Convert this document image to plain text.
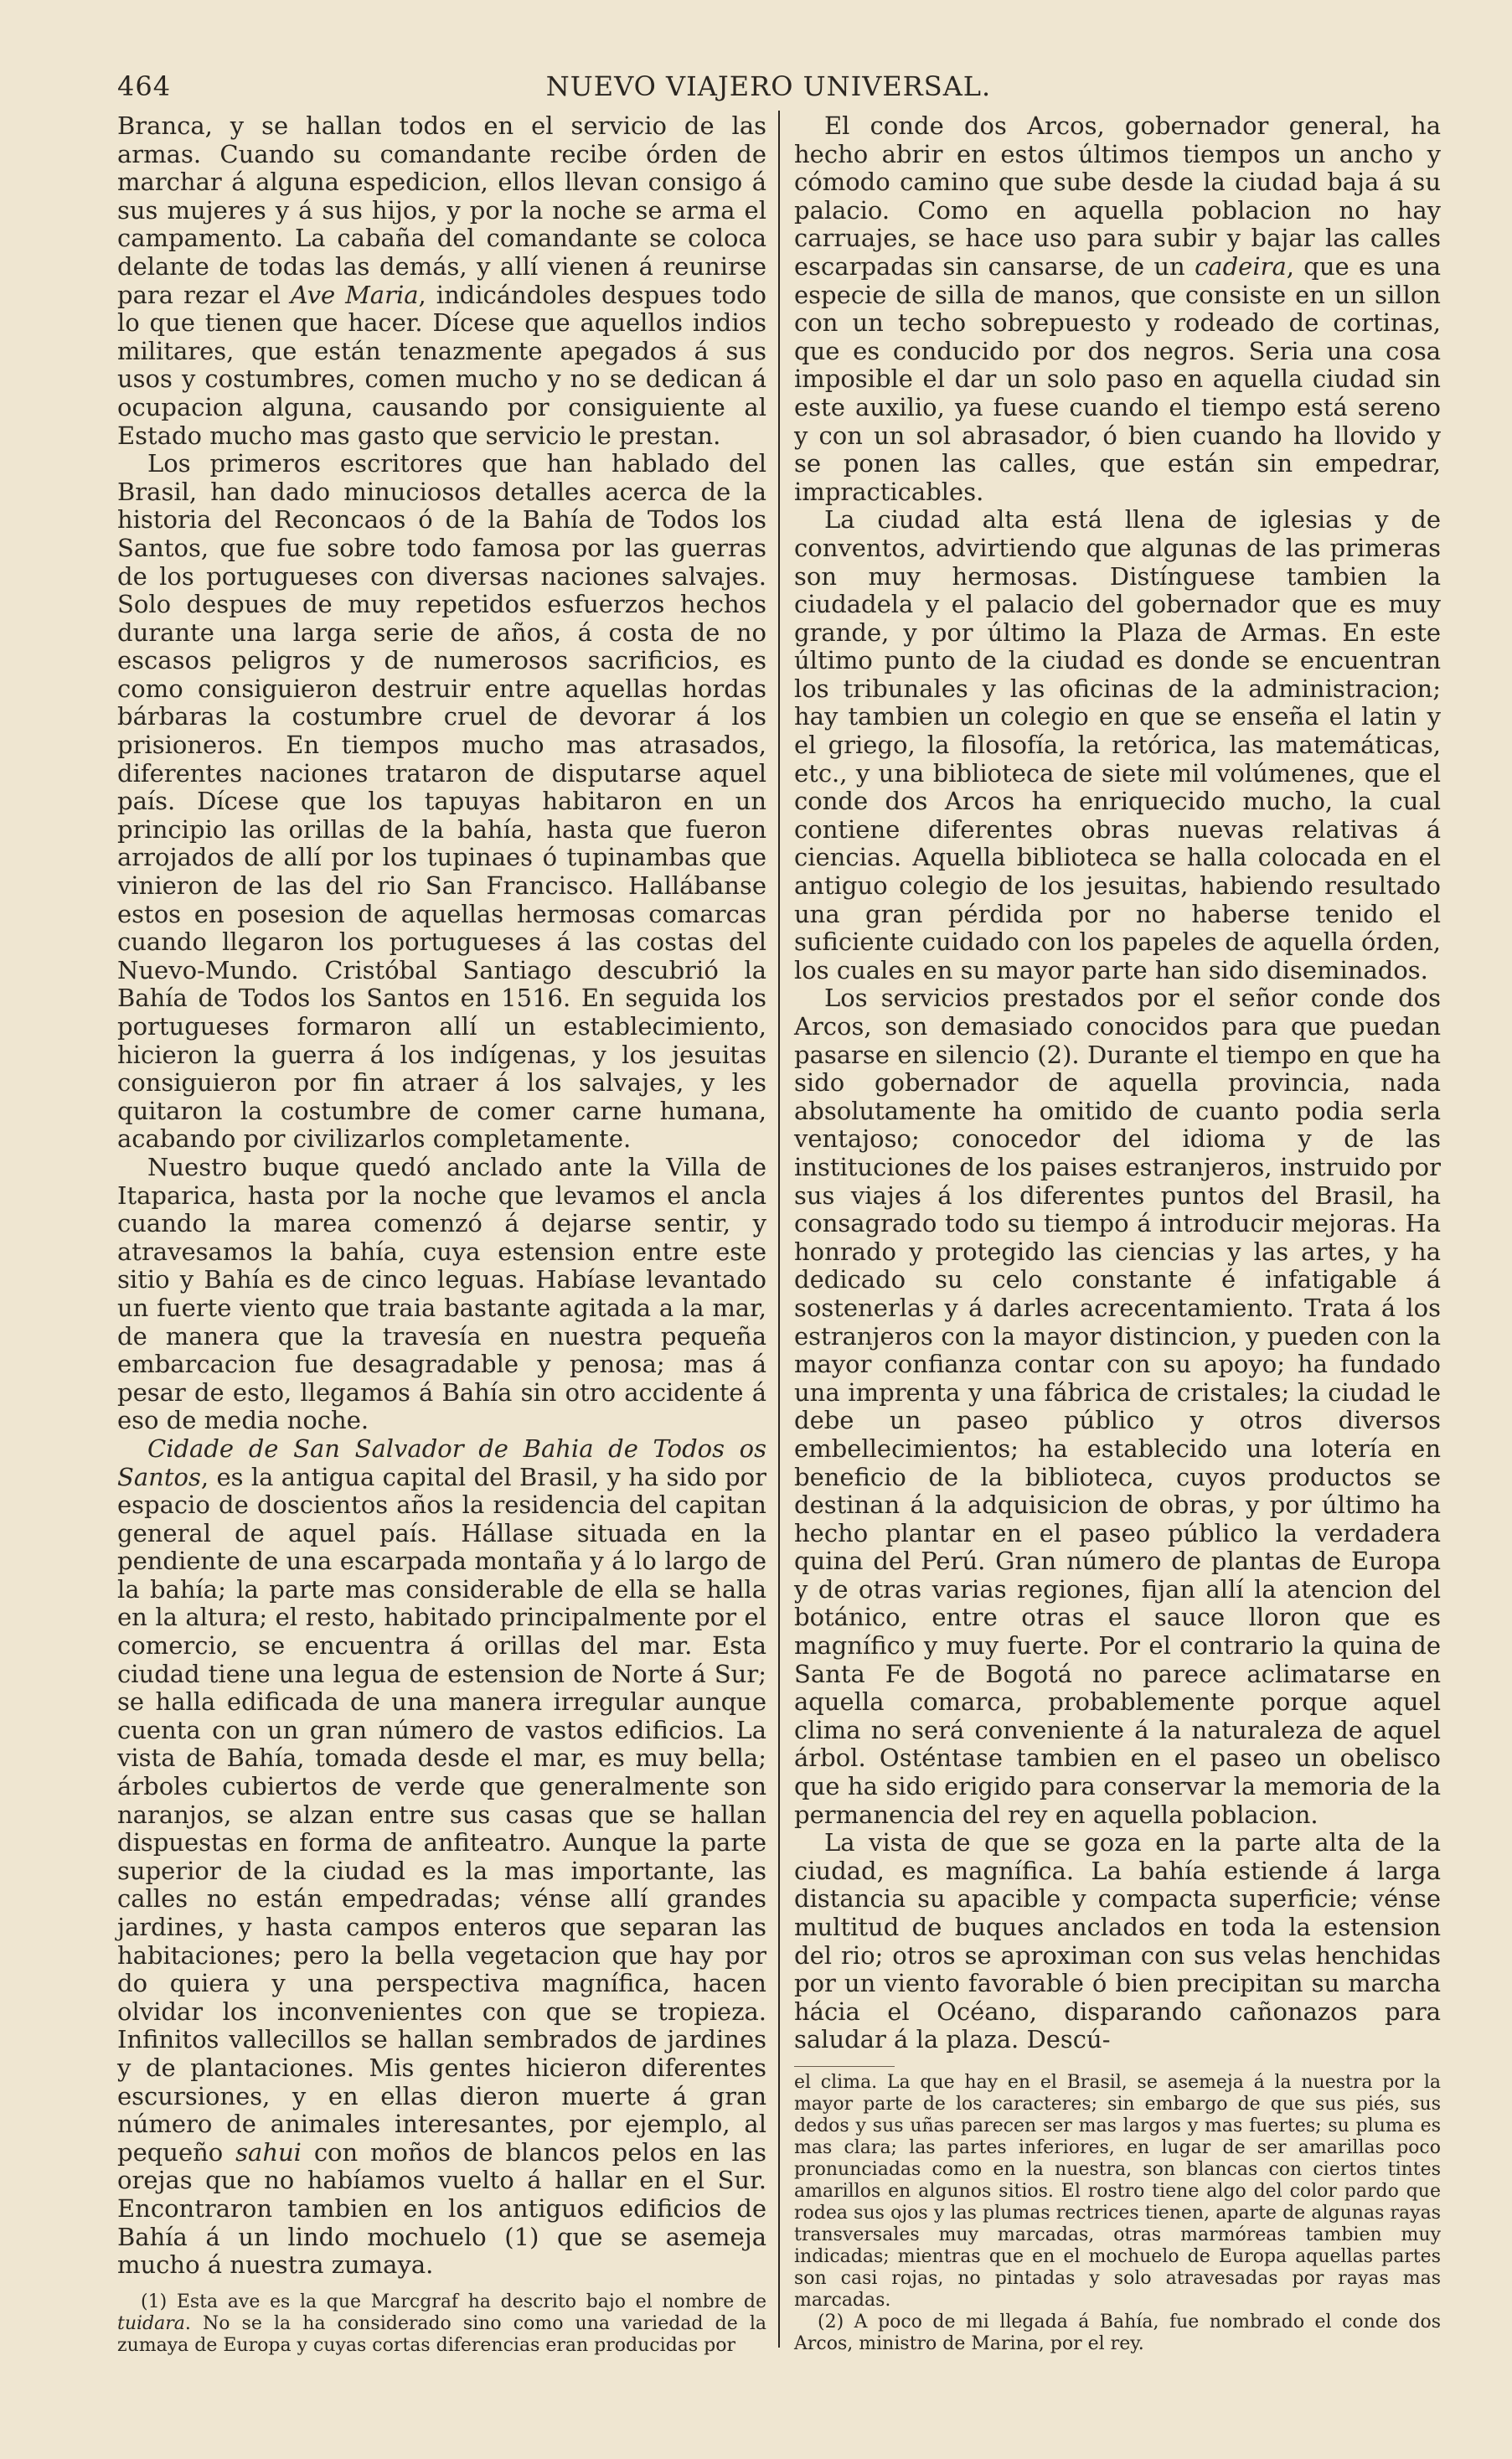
464	NUEVO VIAJERO UNIVERSAL.

Branca, y se hallan todos en el servicio de las armas. Cuando su comandante recibe órden de marchar á alguna espedicion, ellos llevan consigo á sus mujeres y á sus hijos, y por la noche se arma el campamento. La cabaña del comandante se coloca delante de todas las demás, y allí vienen á reunirse para rezar el Ave Maria, indicándoles despues todo lo que tienen que hacer. Dícese que aquellos indios militares, que están tenazmente apegados á sus usos y costumbres, comen mucho y no se dedican á ocupacion alguna, causando por consiguiente al Estado mucho mas gasto que servicio le prestan.

Los primeros escritores que han hablado del Brasil, han dado minuciosos detalles acerca de la historia del Reconcaos ó de la Bahía de Todos los Santos, que fue sobre todo famosa por las guerras de los portugueses con diversas naciones salvajes. Solo despues de muy repetidos esfuerzos hechos durante una larga serie de años, á costa de no escasos peligros y de numerosos sacrificios, es como consiguieron destruir entre aquellas hordas bárbaras la costumbre cruel de devorar á los prisioneros. En tiempos mucho mas atrasados, diferentes naciones trataron de disputarse aquel país. Dícese que los tapuyas habitaron en un principio las orillas de la bahía, hasta que fueron arrojados de allí por los tupinaes ó tupinambas que vinieron de las del rio San Francisco. Hallábanse estos en posesion de aquellas hermosas comarcas cuando llegaron los portugueses á las costas del Nuevo-Mundo. Cristóbal Santiago descubrió la Bahía de Todos los Santos en 1516. En seguida los portugueses formaron allí un establecimiento, hicieron la guerra á los indígenas, y los jesuitas consiguieron por fin atraer á los salvajes, y les quitaron la costumbre de comer carne humana, acabando por civilizarlos completamente.

Nuestro buque quedó anclado ante la Villa de Itaparica, hasta por la noche que levamos el ancla cuando la marea comenzó á dejarse sentir, y atravesamos la bahía, cuya estension entre este sitio y Bahía es de cinco leguas. Habíase levantado un fuerte viento que traia bastante agitada a la mar, de manera que la travesía en nuestra pequeña embarcacion fue desagradable y penosa; mas á pesar de esto, llegamos á Bahía sin otro accidente á eso de media noche.

Cidade de San Salvador de Bahia de Todos os Santos, es la antigua capital del Brasil, y ha sido por espacio de doscientos años la residencia del capitan general de aquel país. Hállase situada en la pendiente de una escarpada montaña y á lo largo de la bahía; la parte mas considerable de ella se halla en la altura; el resto, habitado principalmente por el comercio, se encuentra á orillas del mar. Esta ciudad tiene una legua de estension de Norte á Sur; se halla edificada de una manera irregular aunque cuenta con un gran número de vastos edificios. La vista de Bahía, tomada desde el mar, es muy bella; árboles cubiertos de verde que generalmente son naranjos, se alzan entre sus casas que se hallan dispuestas en forma de anfiteatro. Aunque la parte superior de la ciudad es la mas importante, las calles no están empedradas; vénse allí grandes jardines, y hasta campos enteros que separan las habitaciones; pero la bella vegetacion que hay por do quiera y una perspectiva magnífica, hacen olvidar los inconvenientes con que se tropieza. Infinitos vallecillos se hallan sembrados de jardines y de plantaciones. Mis gentes hicieron diferentes escursiones, y en ellas dieron muerte á gran número de animales interesantes, por ejemplo, al pequeño sahui con moños de blancos pelos en las orejas que no habíamos vuelto á hallar en el Sur. Encontraron tambien en los antiguos edificios de Bahía á un lindo mochuelo (1) que se asemeja mucho á nuestra zumaya.

(1) Esta ave es la que Marcgraf ha descrito bajo el nombre de tuidara. No se la ha considerado sino como una variedad de la zumaya de Europa y cuyas cortas diferencias eran producidas por

El conde dos Arcos, gobernador general, ha hecho abrir en estos últimos tiempos un ancho y cómodo camino que sube desde la ciudad baja á su palacio. Como en aquella poblacion no hay carruajes, se hace uso para subir y bajar las calles escarpadas sin cansarse, de un cadeira, que es una especie de silla de manos, que consiste en un sillon con un techo sobrepuesto y rodeado de cortinas, que es conducido por dos negros. Seria una cosa imposible el dar un solo paso en aquella ciudad sin este auxilio, ya fuese cuando el tiempo está sereno y con un sol abrasador, ó bien cuando ha llovido y se ponen las calles, que están sin empedrar, impracticables.

La ciudad alta está llena de iglesias y de conventos, advirtiendo que algunas de las primeras son muy hermosas. Distínguese tambien la ciudadela y el palacio del gobernador que es muy grande, y por último la Plaza de Armas. En este último punto de la ciudad es donde se encuentran los tribunales y las oficinas de la administracion; hay tambien un colegio en que se enseña el latin y el griego, la filosofía, la retórica, las matemáticas, etc., y una biblioteca de siete mil volúmenes, que el conde dos Arcos ha enriquecido mucho, la cual contiene diferentes obras nuevas relativas á ciencias. Aquella biblioteca se halla colocada en el antiguo colegio de los jesuitas, habiendo resultado una gran pérdida por no haberse tenido el suficiente cuidado con los papeles de aquella órden, los cuales en su mayor parte han sido diseminados.

Los servicios prestados por el señor conde dos Arcos, son demasiado conocidos para que puedan pasarse en silencio (2). Durante el tiempo en que ha sido gobernador de aquella provincia, nada absolutamente ha omitido de cuanto podia serla ventajoso; conocedor del idioma y de las instituciones de los paises estranjeros, instruido por sus viajes á los diferentes puntos del Brasil, ha consagrado todo su tiempo á introducir mejoras. Ha honrado y protegido las ciencias y las artes, y ha dedicado su celo constante é infatigable á sostenerlas y á darles acrecentamiento. Trata á los estranjeros con la mayor distincion, y pueden con la mayor confianza contar con su apoyo; ha fundado una imprenta y una fábrica de cristales; la ciudad le debe un paseo público y otros diversos embellecimientos; ha establecido una lotería en beneficio de la biblioteca, cuyos productos se destinan á la adquisicion de obras, y por último ha hecho plantar en el paseo público la verdadera quina del Perú. Gran número de plantas de Europa y de otras varias regiones, fijan allí la atencion del botánico, entre otras el sauce lloron que es magnífico y muy fuerte. Por el contrario la quina de Santa Fe de Bogotá no parece aclimatarse en aquella comarca, probablemente porque aquel clima no será conveniente á la naturaleza de aquel árbol. Osténtase tambien en el paseo un obelisco que ha sido erigido para conservar la memoria de la permanencia del rey en aquella poblacion.

La vista de que se goza en la parte alta de la ciudad, es magnífica. La bahía estiende á larga distancia su apacible y compacta superficie; vénse multitud de buques anclados en toda la estension del rio; otros se aproximan con sus velas henchidas por un viento favorable ó bien precipitan su marcha hácia el Océano, disparando cañonazos para saludar á la plaza. Descú-

el clima. La que hay en el Brasil, se asemeja á la nuestra por la mayor parte de los caracteres; sin embargo de que sus piés, sus dedos y sus uñas parecen ser mas largos y mas fuertes; su pluma es mas clara; las partes inferiores, en lugar de ser amarillas poco pronunciadas como en la nuestra, son blancas con ciertos tintes amarillos en algunos sitios. El rostro tiene algo del color pardo que rodea sus ojos y las plumas rectrices tienen, aparte de algunas rayas transversales muy marcadas, otras marmóreas tambien muy indicadas; mientras que en el mochuelo de Europa aquellas partes son casi rojas, no pintadas y solo atravesadas por rayas mas marcadas.

(2) A poco de mi llegada á Bahía, fue nombrado el conde dos Arcos, ministro de Marina, por el rey.
